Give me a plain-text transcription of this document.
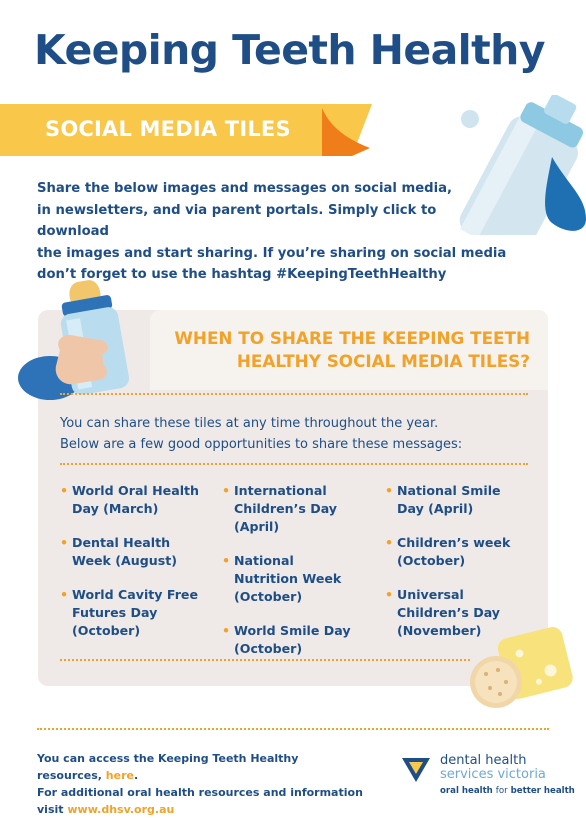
Keeping Teeth Healthy
SOCIAL MEDIA TILES
Share the below images and messages on social media,
in newsletters, and via parent portals. Simply click to download
the images and start sharing. If you’re sharing on social media
don’t forget to use the hashtag #KeepingTeethHealthy
WHEN TO SHARE THE KEEPING TEETH
HEALTHY SOCIAL MEDIA TILES?
You can share these tiles at any time throughout the year.
Below are a few good opportunities to share these messages:
• World Oral Health Day (March)
• Dental Health Week (August)
• World Cavity Free Futures Day (October)
• International Children’s Day (April)
• National Nutrition Week (October)
• World Smile Day (October)
• National Smile Day (April)
• Children’s week (October)
• Universal Children’s Day (November)
You can access the Keeping Teeth Healthy resources, here.
For additional oral health resources and information
visit www.dhsv.org.au
dental health
services victoria
oral health for better health
